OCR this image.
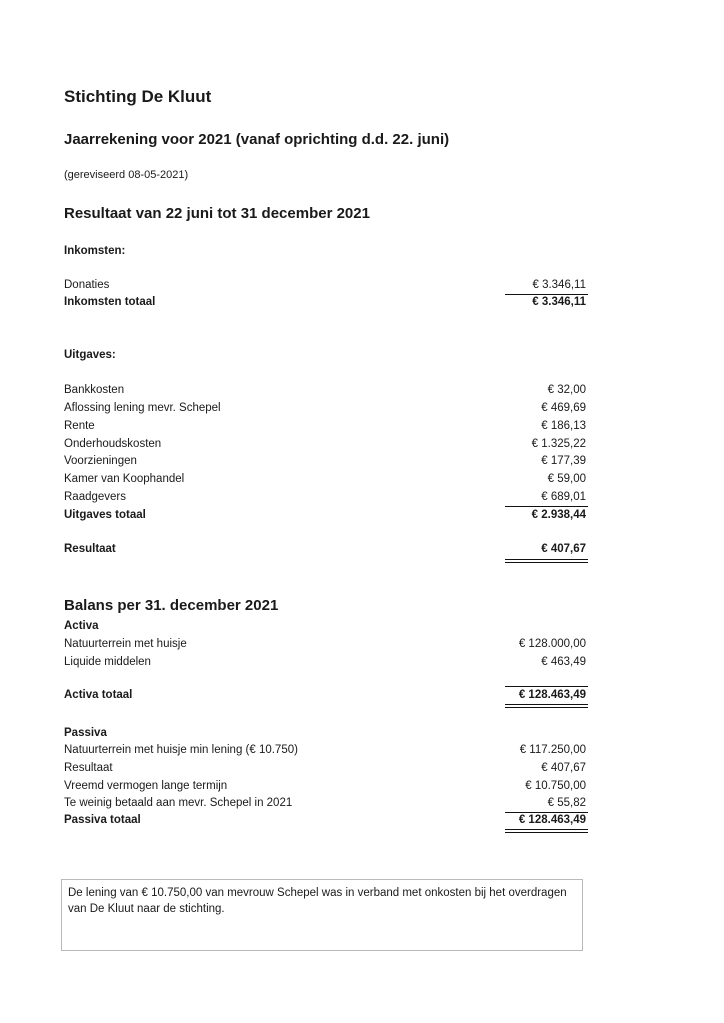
Stichting De Kluut
Jaarrekening voor 2021 (vanaf oprichting d.d. 22. juni)
(gereviseerd 08-05-2021)
Resultaat van 22 juni tot 31 december 2021
Inkomsten:
Donaties	€ 3.346,11
Inkomsten totaal	€ 3.346,11
Uitgaves:
Bankkosten	€ 32,00
Aflossing lening mevr. Schepel	€ 469,69
Rente	€ 186,13
Onderhoudskosten	€ 1.325,22
Voorzieningen	€ 177,39
Kamer van Koophandel	€ 59,00
Raadgevers	€ 689,01
Uitgaves totaal	€ 2.938,44
Resultaat	€ 407,67
Balans per 31. december 2021
Activa
Natuurterrein met huisje	€ 128.000,00
Liquide middelen	€ 463,49
Activa totaal	€ 128.463,49
Passiva
Natuurterrein met huisje min lening (€ 10.750)	€ 117.250,00
Resultaat	€ 407,67
Vreemd vermogen lange termijn	€ 10.750,00
Te weinig betaald aan mevr. Schepel in 2021	€ 55,82
Passiva totaal	€ 128.463,49
De lening van € 10.750,00 van mevrouw Schepel was in verband met onkosten bij het overdragen van De Kluut naar de stichting.
